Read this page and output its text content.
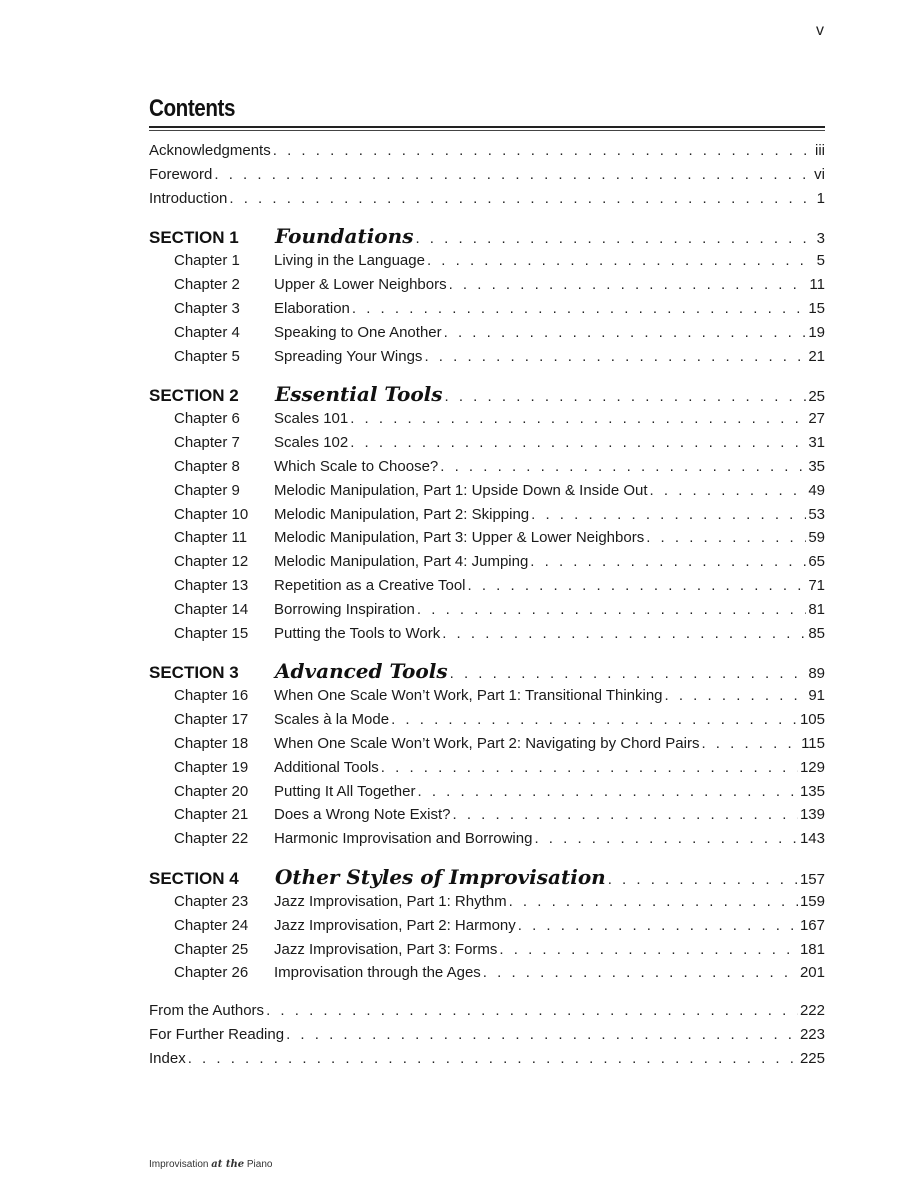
v
Contents
Acknowledgments . . .	iii
Foreword . . .	vi
Introduction . . .	1
SECTION 1	Foundations . . .	3
Chapter 1	Living in the Language . . .	5
Chapter 2	Upper & Lower Neighbors . . .	11
Chapter 3	Elaboration . . .	15
Chapter 4	Speaking to One Another . . .	19
Chapter 5	Spreading Your Wings . . .	21
SECTION 2	Essential Tools . . .	25
Chapter 6	Scales 101 . . .	27
Chapter 7	Scales 102 . . .	31
Chapter 8	Which Scale to Choose? . . .	35
Chapter 9	Melodic Manipulation, Part 1: Upside Down & Inside Out . . .	49
Chapter 10	Melodic Manipulation, Part 2: Skipping . . .	53
Chapter 11	Melodic Manipulation, Part 3: Upper & Lower Neighbors . . .	59
Chapter 12	Melodic Manipulation, Part 4: Jumping . . .	65
Chapter 13	Repetition as a Creative Tool . . .	71
Chapter 14	Borrowing Inspiration . . .	81
Chapter 15	Putting the Tools to Work . . .	85
SECTION 3	Advanced Tools . . .	89
Chapter 16	When One Scale Won’t Work, Part 1: Transitional Thinking . . .	91
Chapter 17	Scales à la Mode . . .	105
Chapter 18	When One Scale Won’t Work, Part 2: Navigating by Chord Pairs . . .	115
Chapter 19	Additional Tools . . .	129
Chapter 20	Putting It All Together . . .	135
Chapter 21	Does a Wrong Note Exist? . . .	139
Chapter 22	Harmonic Improvisation and Borrowing . . .	143
SECTION 4	Other Styles of Improvisation . . .	157
Chapter 23	Jazz Improvisation, Part 1: Rhythm . . .	159
Chapter 24	Jazz Improvisation, Part 2: Harmony . . .	167
Chapter 25	Jazz Improvisation, Part 3: Forms . . .	181
Chapter 26	Improvisation through the Ages . . .	201
From the Authors . . .	222
For Further Reading . . .	223
Index . . .	225
Improvisation at the Piano
